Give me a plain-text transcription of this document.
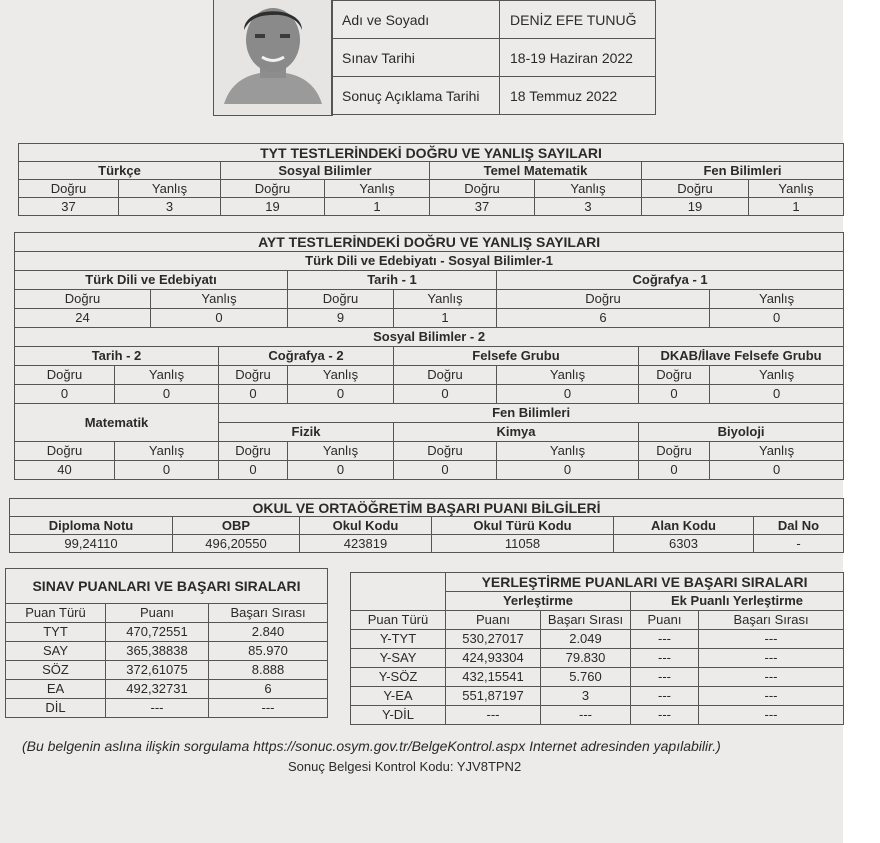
Adı ve Soyadı	DENİZ EFE TUNUĞ
Sınav Tarihi	18-19 Haziran 2022
Sonuç Açıklama Tarihi	18 Temmuz 2022
TYT TESTLERİNDEKİ DOĞRU VE YANLIŞ SAYILARI							
Türkçe		Sosyal Bilimler		Temel Matematik		Fen Bilimleri	
Doğru	Yanlış	Doğru	Yanlış	Doğru	Yanlış	Doğru	Yanlış
37	3	19	1	37	3	19	1
AYT TESTLERİNDEKİ DOĞRU VE YANLIŞ SAYILARI								
Türk Dili ve Edebiyatı - Sosyal Bilimler-1								
Türk Dili ve Edebiyatı				Tarih - 1		Coğrafya - 1		
Doğru		Yanlış		Doğru	Yanlış	Doğru		Yanlış
24		0		9	1	6		0
Sosyal Bilimler - 2								
Tarih - 2			Coğrafya - 2		Felsefe Grubu		DKAB/İlave Felsefe Grubu	
Doğru	Yanlış		Doğru	Yanlış	Doğru	Yanlış	Doğru	Yanlış
0	0		0	0	0	0	0	0
Matematik			Fen Bilimleri					
			Fizik		Kimya		Biyoloji	
Doğru	Yanlış		Doğru	Yanlış	Doğru	Yanlış	Doğru	Yanlış
40	0		0	0	0	0	0	0
OKUL VE ORTAÖĞRETİM BAŞARI PUANI BİLGİLERİ					
Diploma Notu	OBP	Okul Kodu	Okul Türü Kodu	Alan Kodu	Dal No
99,24110	496,20550	423819	11058	6303	-
SINAV PUANLARI VE BAŞARI SIRALARI		
Puan Türü	Puanı	Başarı Sırası
TYT	470,72551	2.840
SAY	365,38838	85.970
SÖZ	372,61075	8.888
EA	492,32731	6
DİL	---	---
	YERLEŞTİRME PUANLARI VE BAŞARI SIRALARI			
	Yerleştirme		Ek Puanlı Yerleştirme	
Puan Türü	Puanı	Başarı Sırası	Puanı	Başarı Sırası
Y-TYT	530,27017	2.049	---	---
Y-SAY	424,93304	79.830	---	---
Y-SÖZ	432,15541	5.760	---	---
Y-EA	551,87197	3	---	---
Y-DİL	---	---	---	---
(Bu belgenin aslına ilişkin sorgulama https://sonuc.osym.gov.tr/BelgeKontrol.aspx Internet adresinden yapılabilir.)
Sonuç Belgesi Kontrol Kodu: YJV8TPN2
